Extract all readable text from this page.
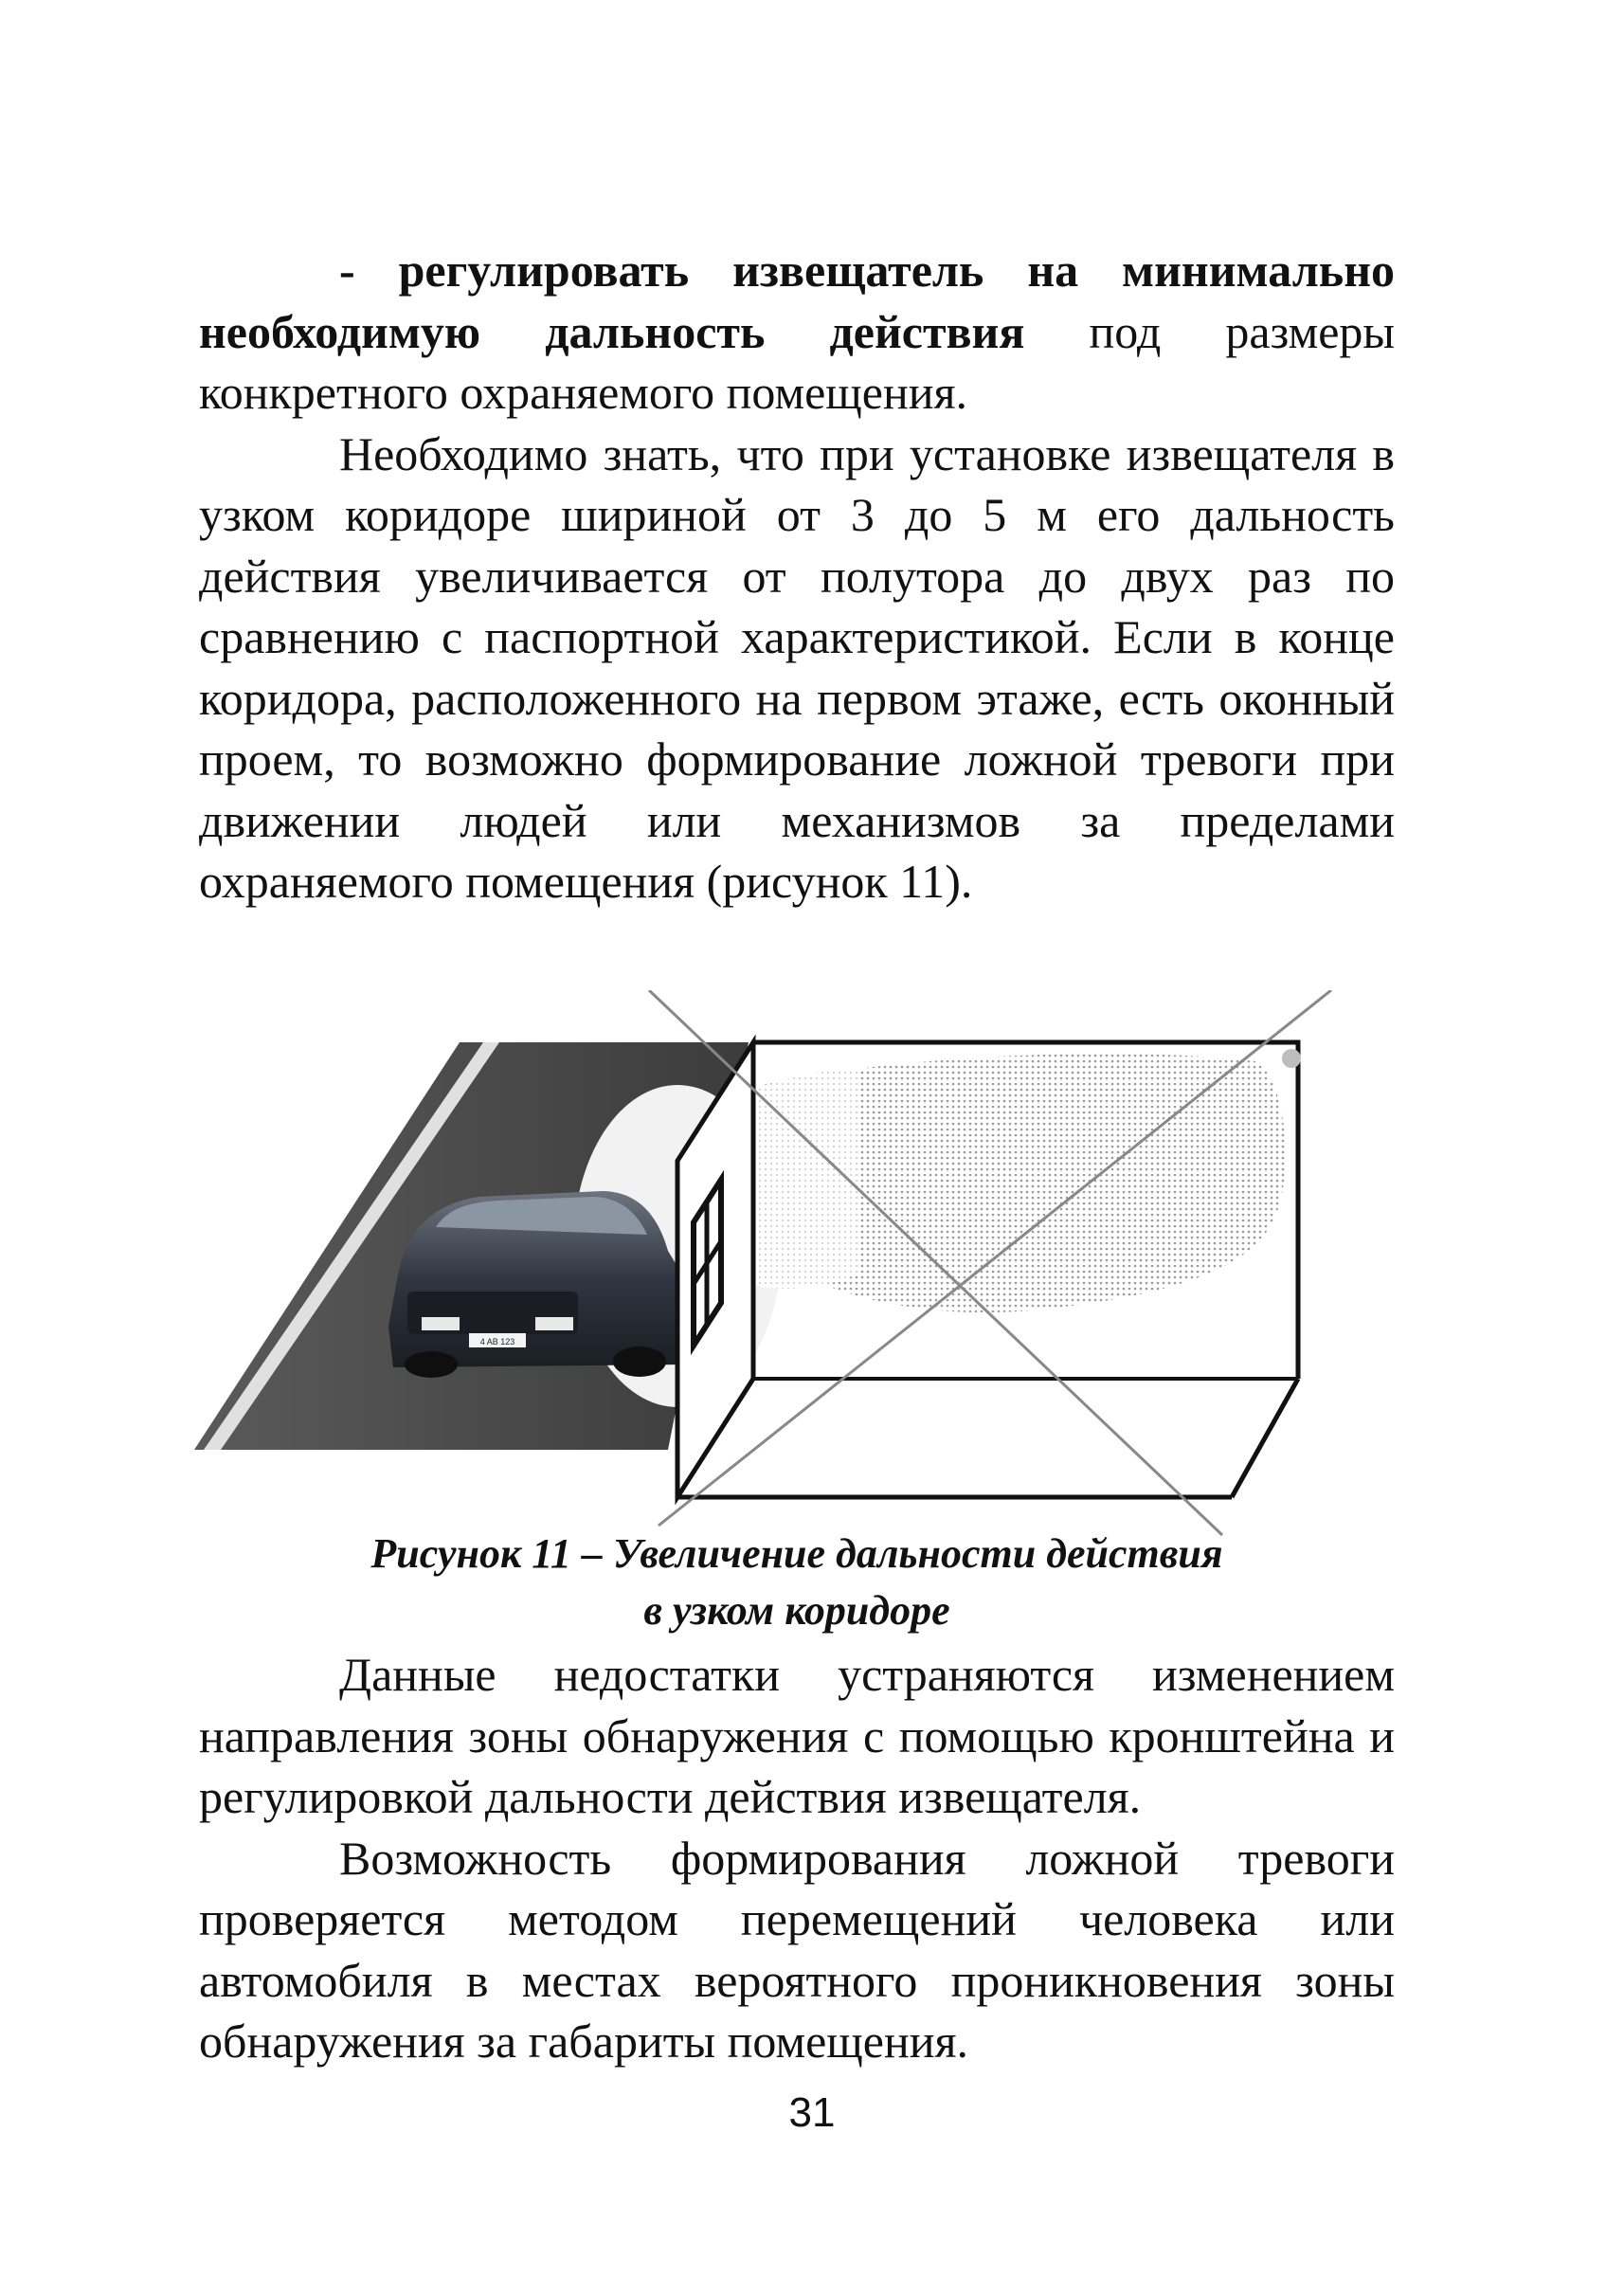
- регулировать извещатель на минимально необходимую дальность действия под размеры конкретного охраняемого помещения.

Необходимо знать, что при установке извещателя в узком коридоре шириной от 3 до 5 м его дальность действия увеличивается от полутора до двух раз по сравнению с паспортной характеристикой. Если в конце коридора, расположенного на первом этаже, есть оконный проем, то возможно формирование ложной тревоги при движении людей или механизмов за пределами охраняемого помещения (рисунок 11).

4 AB 123
Рисунок 11 – Увеличение дальности действия
в узком коридоре

Данные недостатки устраняются изменением направления зоны обнаружения с помощью кронштейна и регулировкой дальности действия извещателя.

Возможность формирования ложной тревоги проверяется методом перемещений человека или автомобиля в местах вероятного проникновения зоны обнаружения за габариты помещения.

31
